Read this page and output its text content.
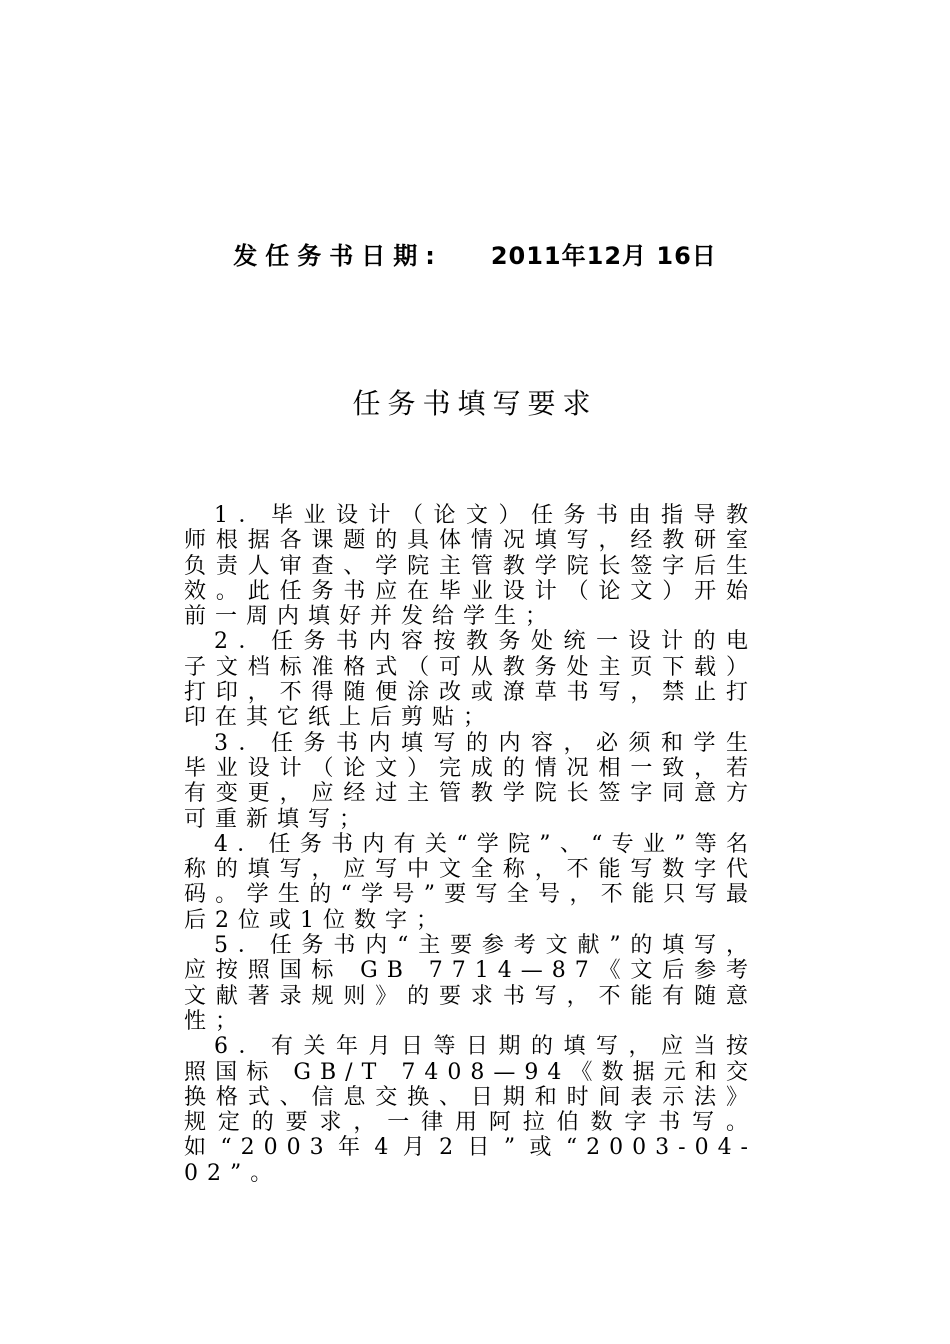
发任务书日期: 2011年12月 16日
任务书填写要求

1．毕业设计（论文）任务书由指导教师根据各课题的具体情况填写，经教研室负责人审查、学院主管教学院长签字后生效。此任务书应在毕业设计（论文）开始前一周内填好并发给学生；

2．任务书内容按教务处统一设计的电子文档标准格式（可从教务处主页下载）打印，不得随便涂改或潦草书写，禁止打印在其它纸上后剪贴；

3．任务书内填写的内容，必须和学生毕业设计（论文）完成的情况相一致，若有变更，应经过主管教学院长签字同意方可重新填写；

4．任务书内有关“学院”、“专业”等名称的填写，应写中文全称，不能写数字代码。学生的“学号”要写全号，不能只写最后2位或1位数字；

5．任务书内“主要参考文献”的填写，应按照国标 GB 7714—87《文后参考文献著录规则》的要求书写，不能有随意性；

6．有关年月日等日期的填写，应当按照国标 GB/T 7408—94《数据元和交换格式、信息交换、日期和时间表示法》规定的要求，一律用阿拉伯数字书写。如“2003年4月2日”或“2003-04-02”。
